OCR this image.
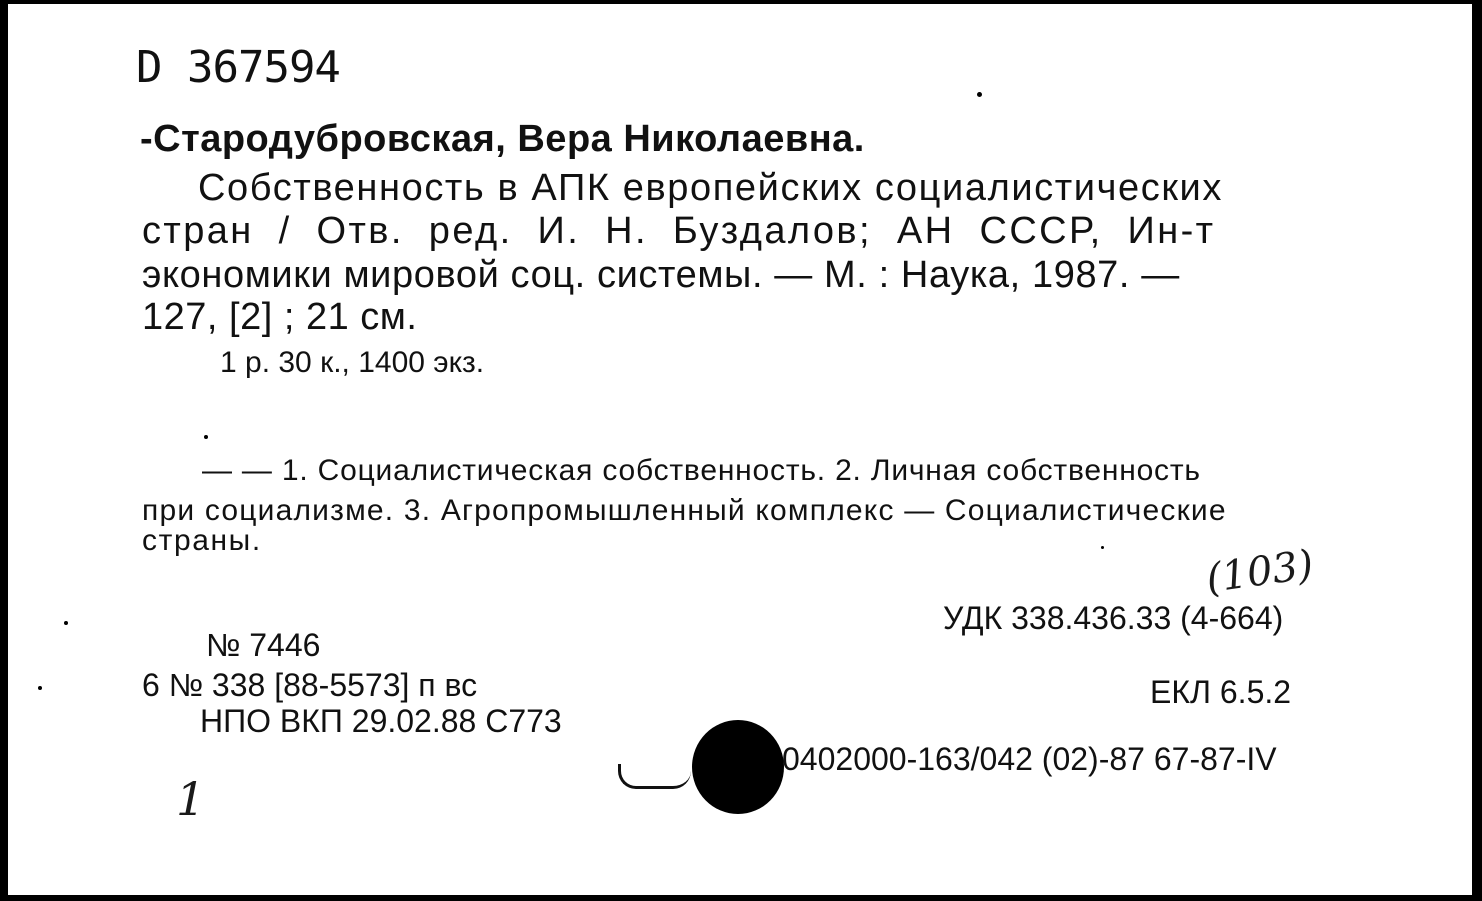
D 367594
-Стародубровская, Вера Николаевна.
Собственность в АПК европейских социалистических
стран / Отв. ред. И. Н. Буздалов; АН СССР, Ин-т
экономики мировой соц. системы. — М. : Наука, 1987. —
127, [2] ; 21 см.
1 р. 30 к., 1400 экз.
— — 1. Социалистическая собственность. 2. Личная собственность
при социализме. 3. Агропромышленный комплекс — Социалистические
страны.
(103)
УДК 338.436.33 (4-664)
№ 7446
6 № 338 [88-5573] п вс	ЕКЛ 6.5.2
НПО ВКП 29.02.88 С773
0402000-163/042 (02)-87 67-87-IV
1
